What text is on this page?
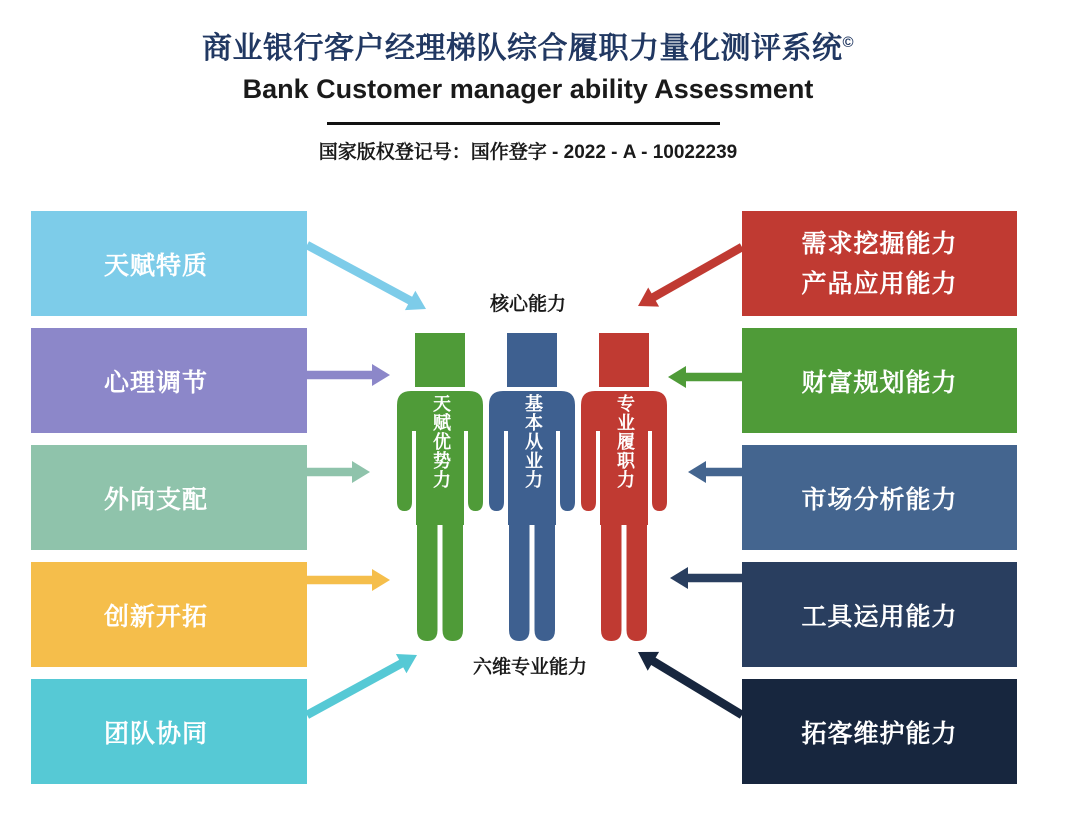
商业银行客户经理梯队综合履职力量化测评系统©
Bank Customer manager ability Assessment
国家版权登记号：国作登字 - 2022 - A - 10022239
天赋特质
心理调节
外向支配
创新开拓
团队协同
需求挖掘能力
产品应用能力
财富规划能力
市场分析能力
工具运用能力
拓客维护能力
核心能力
六维专业能力
天赋优势力	基本从业力	专业履职力
